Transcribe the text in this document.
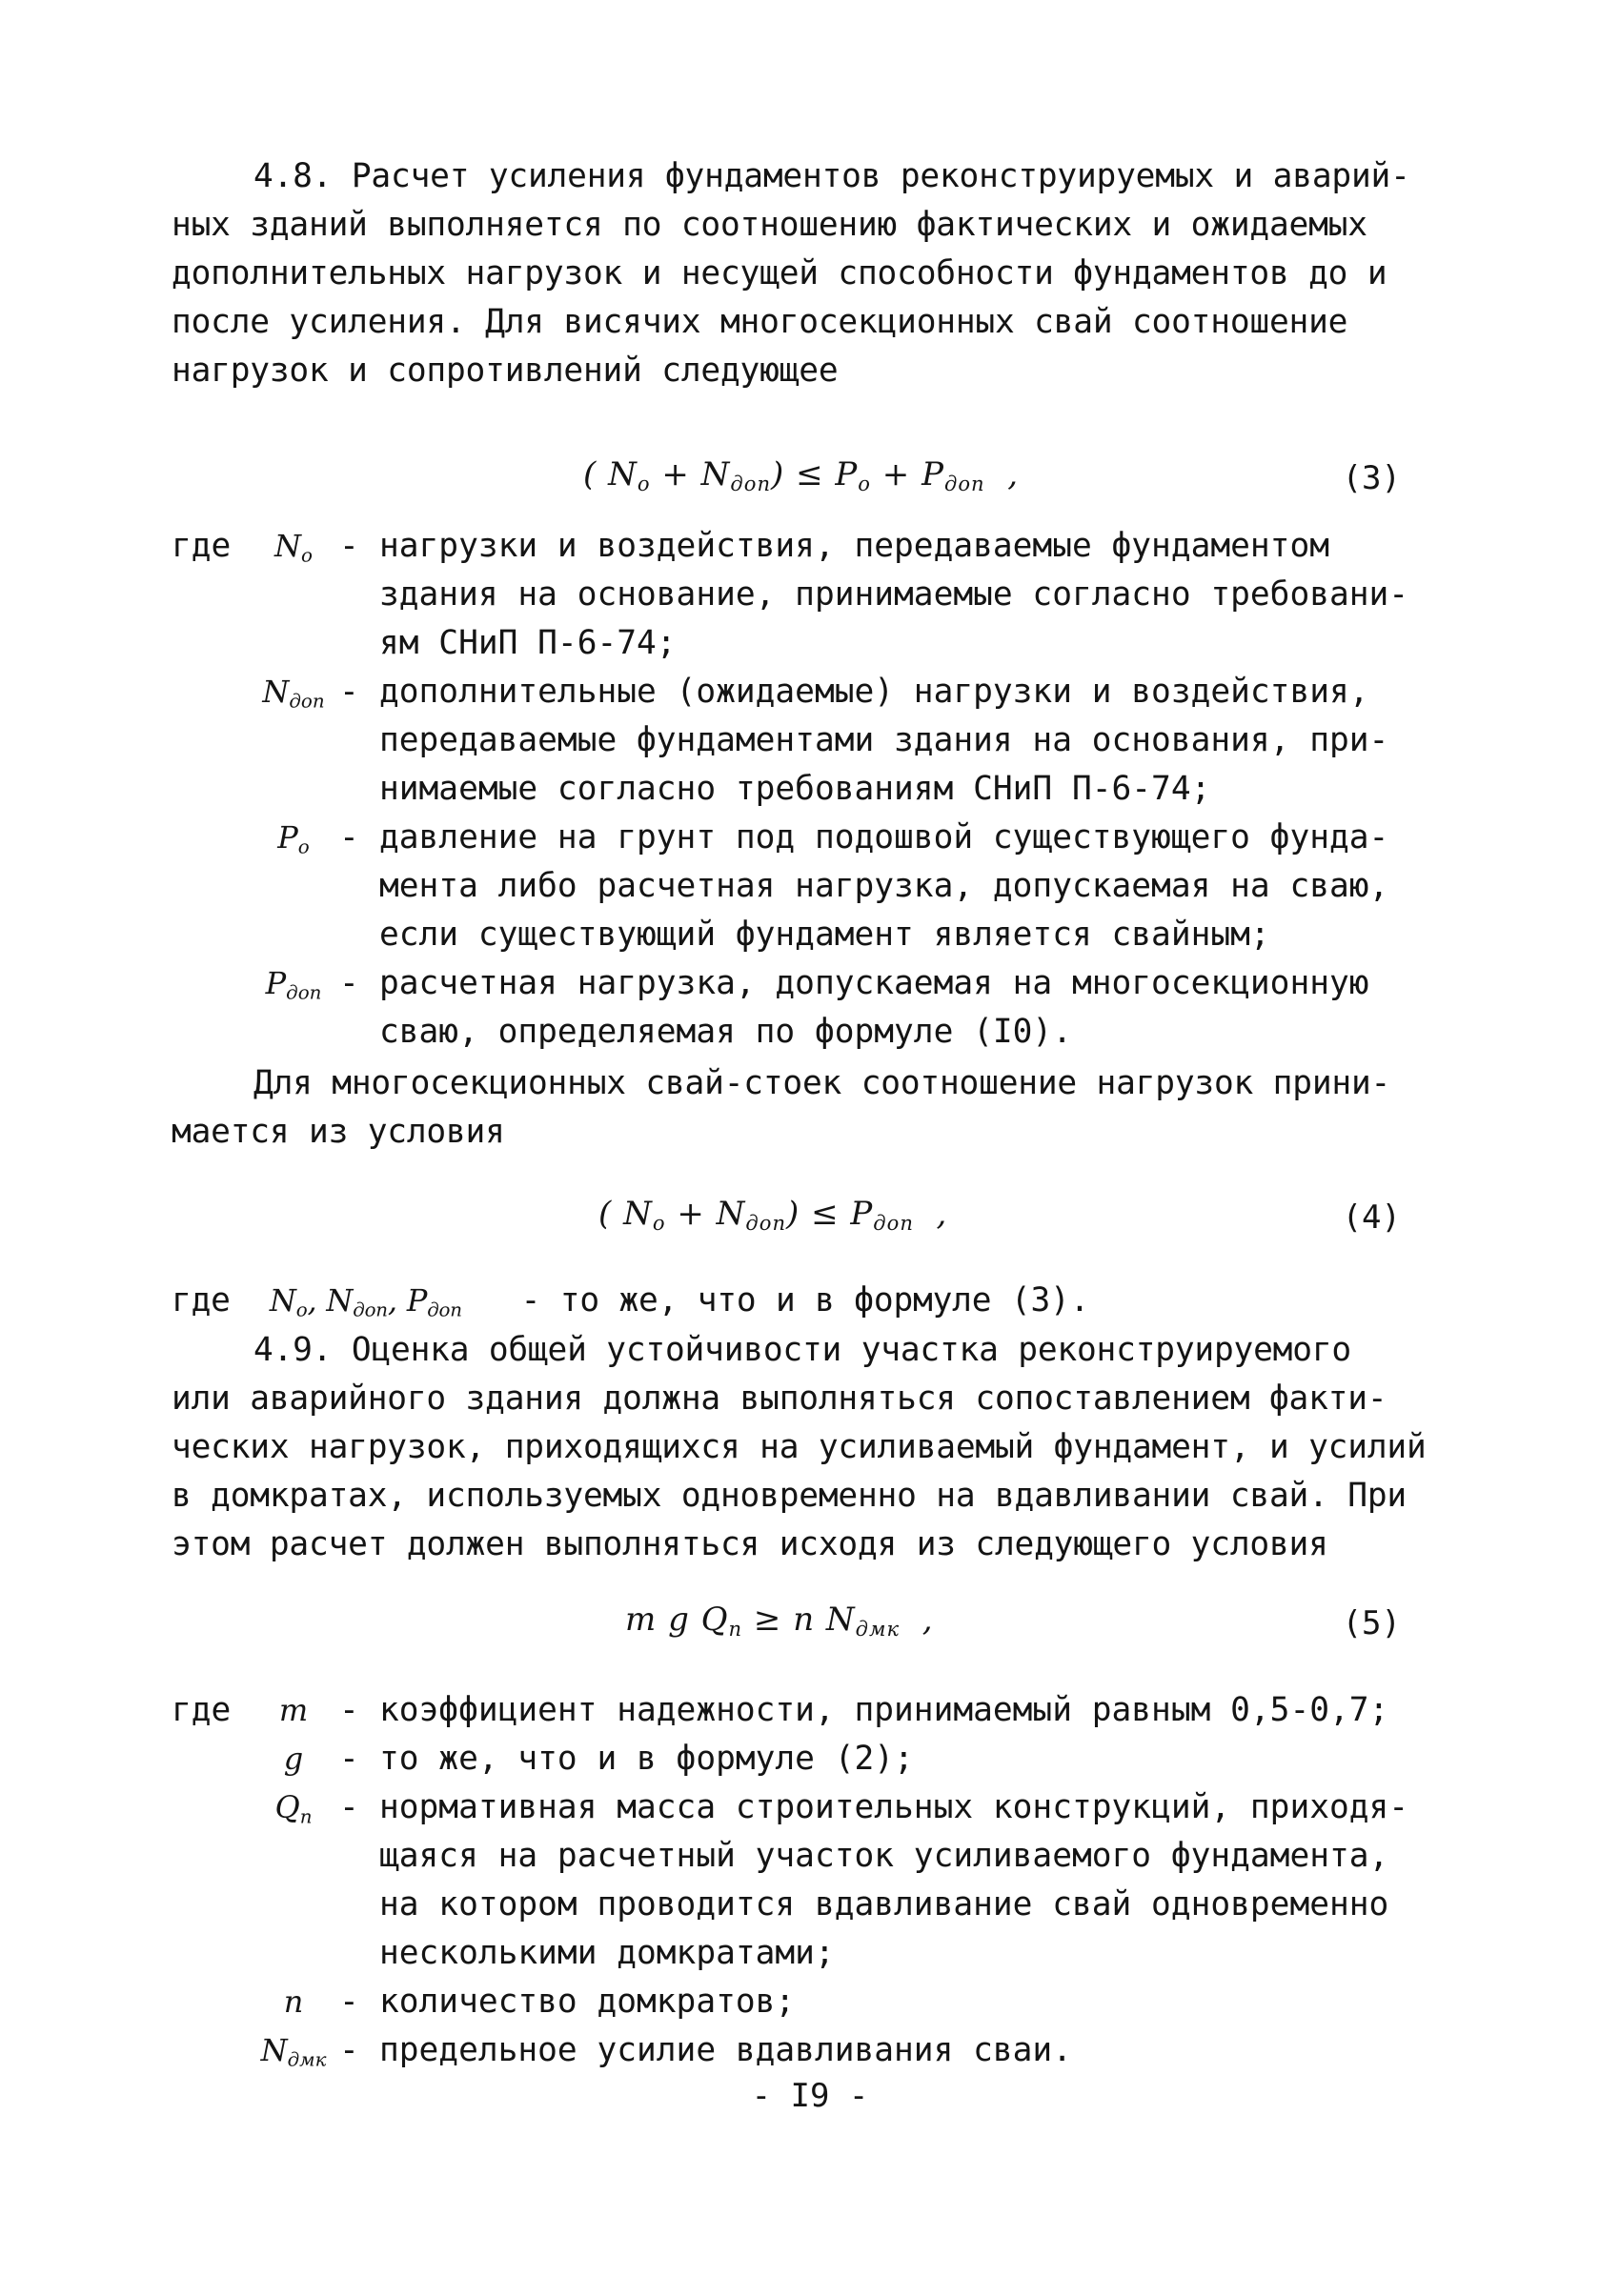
4.8. Расчет усиления фундаментов реконструируемых и аварий-
ных зданий выполняется по соотношению фактических и ожидаемых
дополнительных нагрузок и несущей способности фундаментов до и
после усиления. Для висячих многосекционных свай соотношение
нагрузок и сопротивлений следующее
( $N_o + N_{доп}) \le P_o + P_{доп}$  ,	(3)
где	$N_o$ - нагрузки и воздействия, передаваемые фундаментом
здания на основание, принимаемые согласно требовани-
ям СНиП П-6-74;
$N_{доп}$ - дополнительные (ожидаемые) нагрузки и воздействия,
передаваемые фундаментами здания на основания, при-
нимаемые согласно требованиям СНиП П-6-74;
$P_o$ - давление на грунт под подошвой существующего фунда-
мента либо расчетная нагрузка, допускаемая на сваю,
если существующий фундамент является свайным;
$P_{доп}$ - расчетная нагрузка, допускаемая на многосекционную
сваю, определяемая по формуле (I0).
Для многосекционных свай-стоек соотношение нагрузок прини-
мается из условия
( $N_o + N_{доп}) \le P_{доп}$  ,	(4)
где $N_o$, $N_{доп}$, $P_{доп}$   - то же, что и в формуле (3).
4.9. Оценка общей устойчивости участка реконструируемого
или аварийного здания должна выполняться сопоставлением факти-
ческих нагрузок, приходящихся на усиливаемый фундамент, и усилий
в домкратах, используемых одновременно на вдавливании свай. При
этом расчет должен выполняться исходя из следующего условия
m g $Q_n \ge n$ $N_{дмк}$  ,	(5)
где	m - коэффициент надежности, принимаемый равным 0,5-0,7;
g	- то же, что и в формуле (2);
$Q_n$ - нормативная масса строительных конструкций, приходя-
щаяся на расчетный участок усиливаемого фундамента,
на котором проводится вдавливание свай одновременно
несколькими домкратами;
n	- количество домкратов;
$N_{дмк}$ - предельное усилие вдавливания сваи.
- I9 -
